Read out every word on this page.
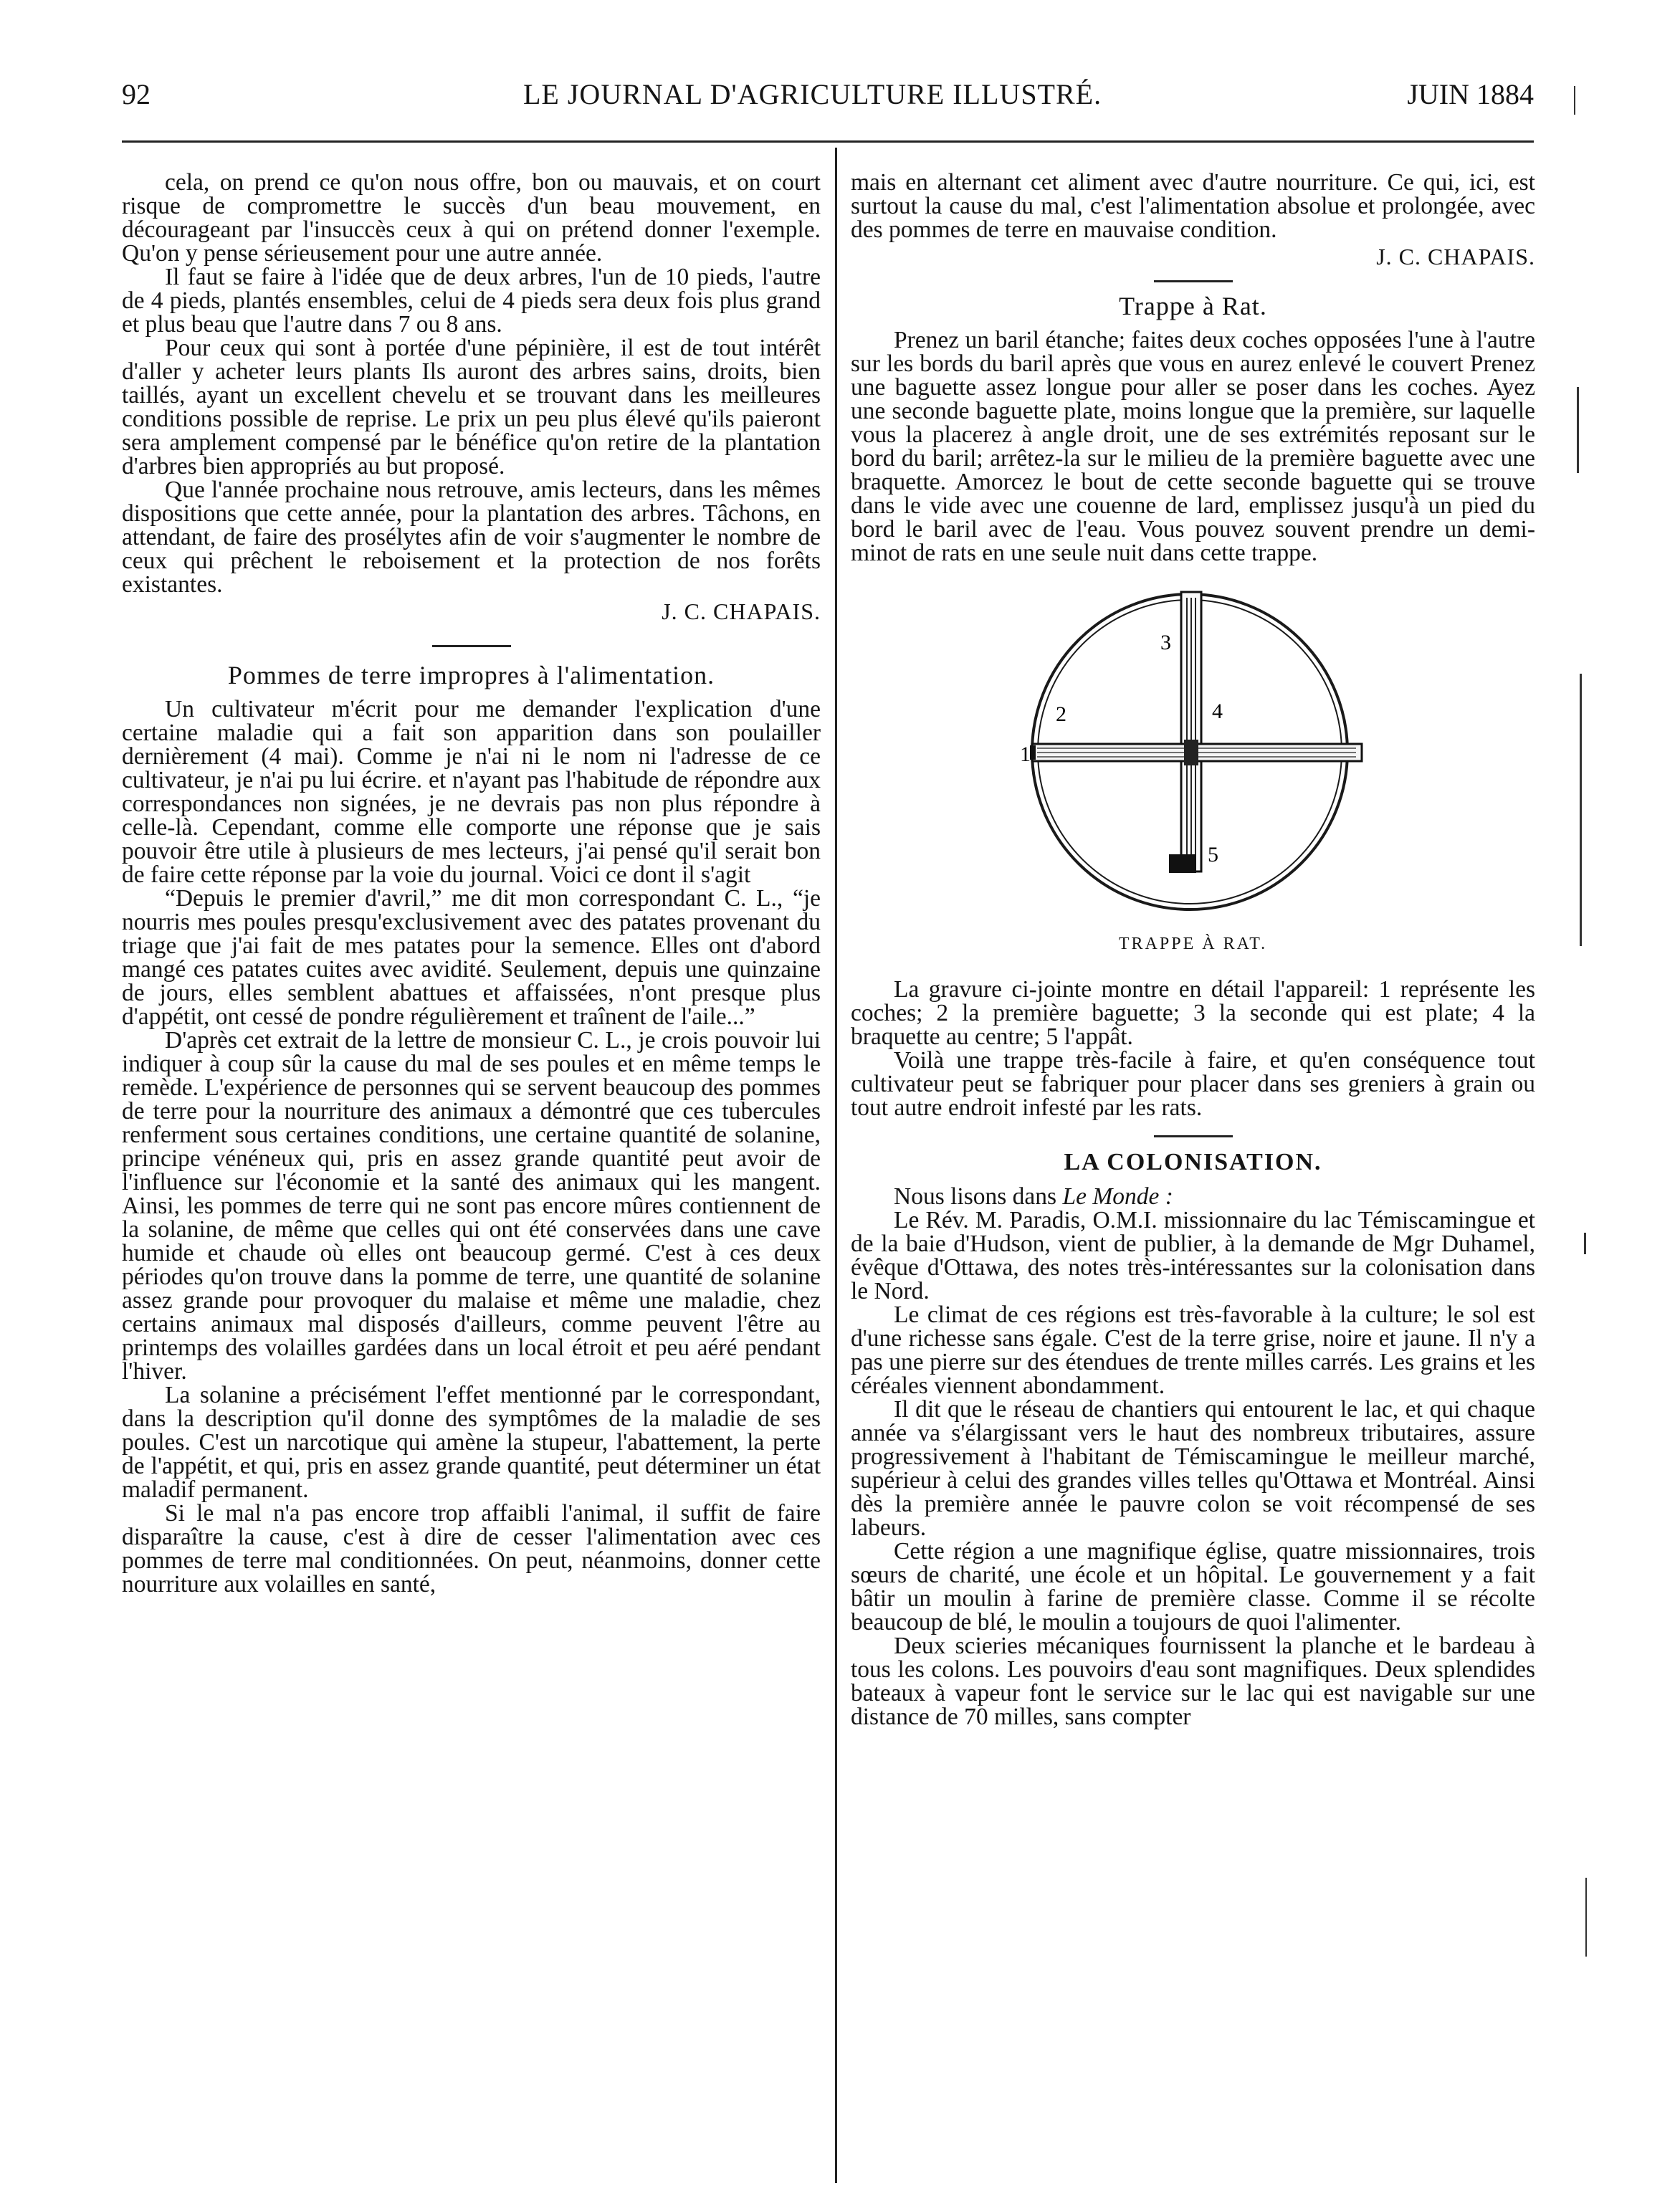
92	LE JOURNAL D'AGRICULTURE ILLUSTRÉ.	JUIN 1884

cela, on prend ce qu'on nous offre, bon ou mauvais, et on court risque de compromettre le succès d'un beau mouvement, en décourageant par l'insuccès ceux à qui on prétend donner l'exemple. Qu'on y pense sérieusement pour une autre année.

Il faut se faire à l'idée que de deux arbres, l'un de 10 pieds, l'autre de 4 pieds, plantés ensembles, celui de 4 pieds sera deux fois plus grand et plus beau que l'autre dans 7 ou 8 ans.

Pour ceux qui sont à portée d'une pépinière, il est de tout intérêt d'aller y acheter leurs plants Ils auront des arbres sains, droits, bien taillés, ayant un excellent chevelu et se trouvant dans les meilleures conditions possible de reprise. Le prix un peu plus élevé qu'ils paieront sera amplement compensé par le bénéfice qu'on retire de la plantation d'arbres bien appropriés au but proposé.

Que l'année prochaine nous retrouve, amis lecteurs, dans les mêmes dispositions que cette année, pour la plantation des arbres. Tâchons, en attendant, de faire des prosélytes afin de voir s'augmenter le nombre de ceux qui prêchent le reboisement et la protection de nos forêts existantes.

J. C. CHAPAIS.
Pommes de terre impropres à l'alimentation.

Un cultivateur m'écrit pour me demander l'explication d'une certaine maladie qui a fait son apparition dans son poulailler dernièrement (4 mai). Comme je n'ai ni le nom ni l'adresse de ce cultivateur, je n'ai pu lui écrire. et n'ayant pas l'habitude de répondre aux correspondances non signées, je ne devrais pas non plus répondre à celle-là. Cependant, comme elle comporte une réponse que je sais pouvoir être utile à plusieurs de mes lecteurs, j'ai pensé qu'il serait bon de faire cette réponse par la voie du journal. Voici ce dont il s'agit

“Depuis le premier d'avril,” me dit mon correspondant C. L., “je nourris mes poules presqu'exclusivement avec des patates provenant du triage que j'ai fait de mes patates pour la semence. Elles ont d'abord mangé ces patates cuites avec avidité. Seulement, depuis une quinzaine de jours, elles semblent abattues et affaissées, n'ont presque plus d'appétit, ont cessé de pondre régulièrement et traînent de l'aile...”

D'après cet extrait de la lettre de monsieur C. L., je crois pouvoir lui indiquer à coup sûr la cause du mal de ses poules et en même temps le remède. L'expérience de personnes qui se servent beaucoup des pommes de terre pour la nourriture des animaux a démontré que ces tubercules renferment sous certaines conditions, une certaine quantité de solanine, principe vénéneux qui, pris en assez grande quantité peut avoir de l'influence sur l'économie et la santé des animaux qui les mangent. Ainsi, les pommes de terre qui ne sont pas encore mûres contiennent de la solanine, de même que celles qui ont été conservées dans une cave humide et chaude où elles ont beaucoup germé. C'est à ces deux périodes qu'on trouve dans la pomme de terre, une quantité de solanine assez grande pour provoquer du malaise et même une maladie, chez certains animaux mal disposés d'ailleurs, comme peuvent l'être au printemps des volailles gardées dans un local étroit et peu aéré pendant l'hiver.

La solanine a précisément l'effet mentionné par le correspondant, dans la description qu'il donne des symptômes de la maladie de ses poules. C'est un narcotique qui amène la stupeur, l'abattement, la perte de l'appétit, et qui, pris en assez grande quantité, peut déterminer un état maladif permanent.

Si le mal n'a pas encore trop affaibli l'animal, il suffit de faire disparaître la cause, c'est à dire de cesser l'alimentation avec ces pommes de terre mal conditionnées. On peut, néanmoins, donner cette nourriture aux volailles en santé,

mais en alternant cet aliment avec d'autre nourriture. Ce qui, ici, est surtout la cause du mal, c'est l'alimentation absolue et prolongée, avec des pommes de terre en mauvaise condition.

J. C. CHAPAIS.
Trappe à Rat.

Prenez un baril étanche; faites deux coches opposées l'une à l'autre sur les bords du baril après que vous en aurez enlevé le couvert Prenez une baguette assez longue pour aller se poser dans les coches. Ayez une seconde baguette plate, moins longue que la première, sur laquelle vous la placerez à angle droit, une de ses extrémités reposant sur le bord du baril; arrêtez-la sur le milieu de la première baguette avec une braquette. Amorcez le bout de cette seconde baguette qui se trouve dans le vide avec une couenne de lard, emplissez jusqu'à un pied du bord le baril avec de l'eau. Vous pouvez souvent prendre un demi-minot de rats en une seule nuit dans cette trappe.

1
2
3
4
5
TRAPPE À RAT.

La gravure ci-jointe montre en détail l'appareil: 1 représente les coches; 2 la première baguette; 3 la seconde qui est plate; 4 la braquette au centre; 5 l'appât.

Voilà une trappe très-facile à faire, et qu'en conséquence tout cultivateur peut se fabriquer pour placer dans ses greniers à grain ou tout autre endroit infesté par les rats.

LA COLONISATION.

Nous lisons dans Le Monde :

Le Rév. M. Paradis, O.M.I. missionnaire du lac Témiscamingue et de la baie d'Hudson, vient de publier, à la demande de Mgr Duhamel, évêque d'Ottawa, des notes très-intéressantes sur la colonisation dans le Nord.

Le climat de ces régions est très-favorable à la culture; le sol est d'une richesse sans égale. C'est de la terre grise, noire et jaune. Il n'y a pas une pierre sur des étendues de trente milles carrés. Les grains et les céréales viennent abondamment.

Il dit que le réseau de chantiers qui entourent le lac, et qui chaque année va s'élargissant vers le haut des nombreux tributaires, assure progressivement à l'habitant de Témiscamingue le meilleur marché, supérieur à celui des grandes villes telles qu'Ottawa et Montréal. Ainsi dès la première année le pauvre colon se voit récompensé de ses labeurs.

Cette région a une magnifique église, quatre missionnaires, trois sœurs de charité, une école et un hôpital. Le gouvernement y a fait bâtir un moulin à farine de première classe. Comme il se récolte beaucoup de blé, le moulin a toujours de quoi l'alimenter.

Deux scieries mécaniques fournissent la planche et le bardeau à tous les colons. Les pouvoirs d'eau sont magnifiques. Deux splendides bateaux à vapeur font le service sur le lac qui est navigable sur une distance de 70 milles, sans compter
